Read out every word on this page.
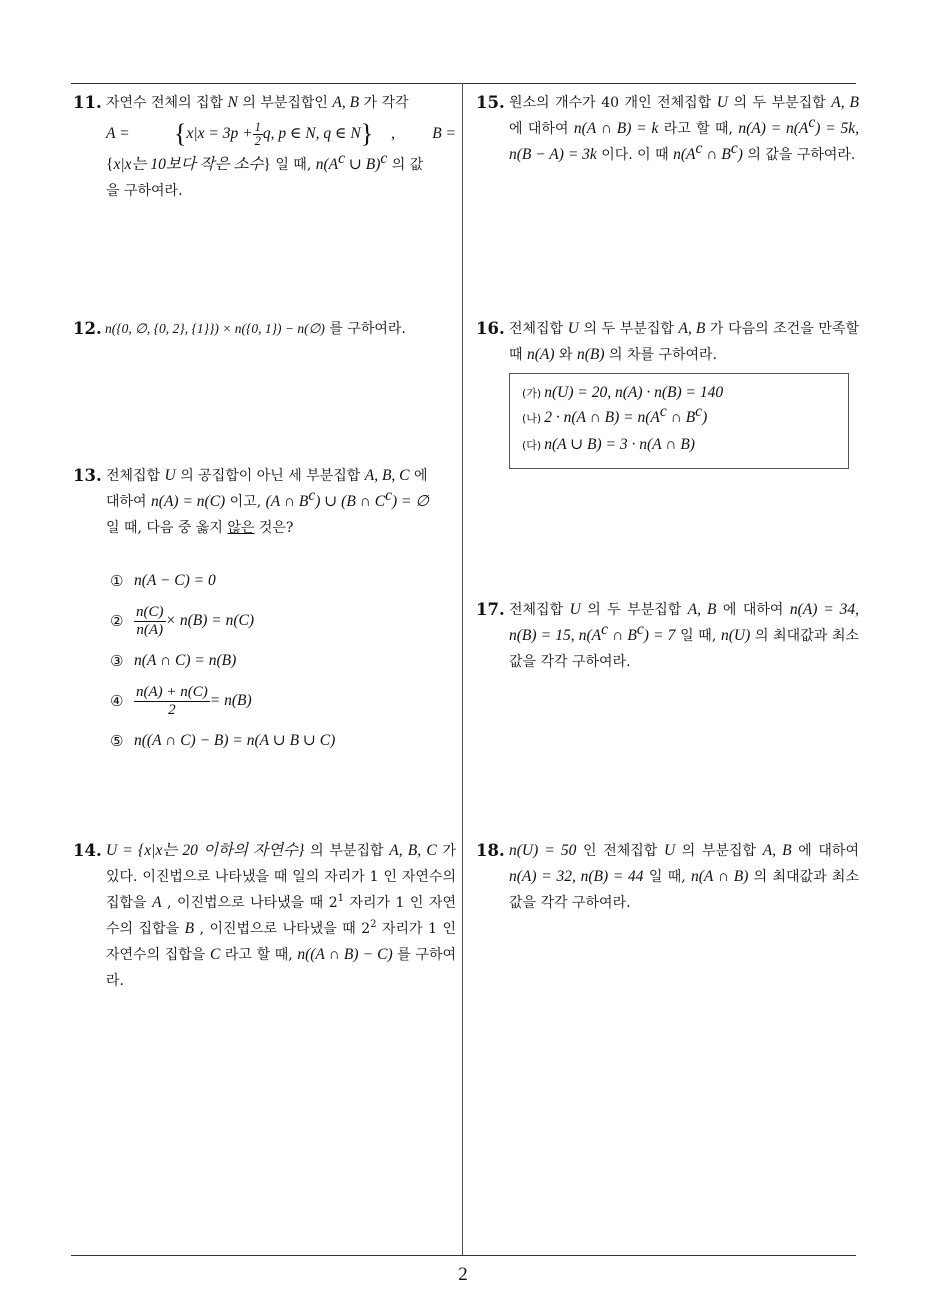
2
11. 자연수 전체의 집합 N 의 부분집합인 A, B 가 각각
A =	{ $x|x = 3p + \frac{1}{2} q$, p ∈ N, q ∈ N } ,	B =
{x|x는 10보다 작은 소수} 일 때, $n(A^c$ ∪ B)$^c$ 의 값
을 구하여라.
12. n({0, ∅, {0, 2}, {1}}) × n({0, 1}) − n(∅) 를 구하여라.
13. 전체집합 U 의 공집합이 아닌 세 부분집합 A, B, C 에
대하여 n(A) = n(C) 이고, (A ∩ $B^c$) ∪ (B ∩ $C^c$) = ∅
일 때, 다음 중 옳지 않은 것은?
① n(A − C) = 0
② $\frac{n(C)}{n(A)} \times n(B) = n(C)$
③ n(A ∩ C) = n(B)
④ $\frac{n(A) + n(C)}{2} = n(B)$
⑤ n((A ∩ C) − B) = n(A ∪ B ∪ C)
14. U = {x|x는 20 이하의 자연수} 의 부분집합 A, B, C 가 있다. 이진법으로 나타냈을 때 일의 자리가 1 인 자연수의 집합을 A , 이진법으로 나타냈을 때 $2^1$ 자리가 1 인 자연수의 집합을 B , 이진법으로 나타냈을 때 $2^2$ 자리가 1 인 자연수의 집합을 C 라고 할 때, n((A ∩ B) − C) 를 구하여라.
15. 원소의 개수가 40 개인 전체집합 U 의 두 부분집합 A, B 에 대하여 n(A ∩ B) = k 라고 할 때, $n(A) = n(A^c) = 5k$, n(B − A) = 3k 이다. 이 때 $n(A^c$ ∩ $B^c$) 의 값을 구하여라.
16. 전체집합 U 의 두 부분집합 A, B 가 다음의 조건을 만족할 때 n(A) 와 n(B) 의 차를 구하여라.
(가) n(U) = 20, n(A) · n(B) = 140
(나) 2 · n(A ∩ $B) = n(A^c$ ∩ $B^c$)
(다) n(A ∪ B) = 3 · n(A ∩ B)
17. 전체집합 U 의 두 부분집합 A, B 에 대하여 n(A) = 34, n(B) = 15, $n(A^c$ ∩ $B^c) = 7$ 일 때, n(U) 의 최대값과 최소값을 각각 구하여라.
18. n(U) = 50 인 전체집합 U 의 부분집합 A, B 에 대하여 n(A) = 32, n(B) = 44 일 때, n(A ∩ B) 의 최대값과 최소값을 각각 구하여라.
